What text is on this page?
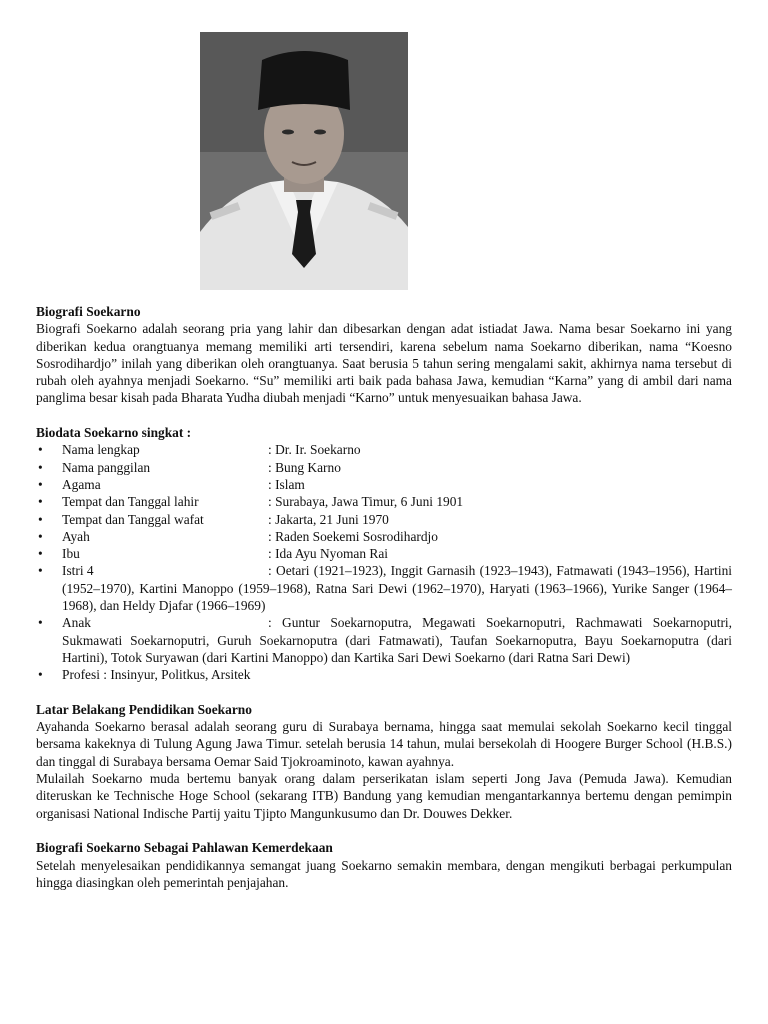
Biografi Soekarno

Biografi Soekarno adalah seorang pria yang lahir dan dibesarkan dengan adat istiadat Jawa. Nama besar Soekarno ini yang diberikan kedua orangtuanya memang memiliki arti tersendiri, karena sebelum nama Soekarno diberikan, nama “Koesno Sosrodihardjo” inilah yang diberikan oleh orangtuanya. Saat berusia 5 tahun sering mengalami sakit, akhirnya nama tersebut di rubah oleh ayahnya menjadi Soekarno. “Su” memiliki arti baik pada bahasa Jawa, kemudian “Karna” yang di ambil dari nama panglima besar kisah pada Bharata Yudha diubah menjadi “Karno” untuk menyesuaikan bahasa Jawa.

Biodata Soekarno singkat :
• Nama lengkap	: Dr. Ir. Soekarno
• Nama panggilan	: Bung Karno
• Agama	: Islam
• Tempat dan Tanggal lahir	: Surabaya, Jawa Timur, 6 Juni 1901
• Tempat dan Tanggal wafat	: Jakarta, 21 Juni 1970
• Ayah	: Raden Soekemi Sosrodihardjo
• Ibu	: Ida Ayu Nyoman Rai
• Istri 4	: Oetari (1921–1923), Inggit Garnasih (1923–1943), Fatmawati (1943–1956), Hartini (1952–1970), Kartini Manoppo (1959–1968), Ratna Sari Dewi (1962–1970), Haryati (1963–1966), Yurike Sanger (1964–1968), dan Heldy Djafar (1966–1969)
• Anak	: Guntur Soekarnoputra, Megawati Soekarnoputri, Rachmawati Soekarnoputri, Sukmawati Soekarnoputri, Guruh Soekarnoputra (dari Fatmawati), Taufan Soekarnoputra, Bayu Soekarnoputra (dari Hartini), Totok Suryawan (dari Kartini Manoppo) dan Kartika Sari Dewi Soekarno (dari Ratna Sari Dewi)
• Profesi : Insinyur, Politkus, Arsitek
Latar Belakang Pendidikan Soekarno

Ayahanda Soekarno berasal adalah seorang guru di Surabaya bernama, hingga saat memulai sekolah Soekarno kecil tinggal bersama kakeknya di Tulung Agung Jawa Timur. setelah berusia 14 tahun, mulai bersekolah di Hoogere Burger School (H.B.S.) dan tinggal di Surabaya bersama Oemar Said Tjokroaminoto, kawan ayahnya.

Mulailah Soekarno muda bertemu banyak orang dalam perserikatan islam seperti Jong Java (Pemuda Jawa). Kemudian diteruskan ke Technische Hoge School (sekarang ITB) Bandung yang kemudian mengantarkannya bertemu dengan pemimpin organisasi National Indische Partij yaitu Tjipto Mangunkusumo dan Dr. Douwes Dekker.

Biografi Soekarno Sebagai Pahlawan Kemerdekaan

Setelah menyelesaikan pendidikannya semangat juang Soekarno semakin membara, dengan mengikuti berbagai perkumpulan hingga diasingkan oleh pemerintah penjajahan.
